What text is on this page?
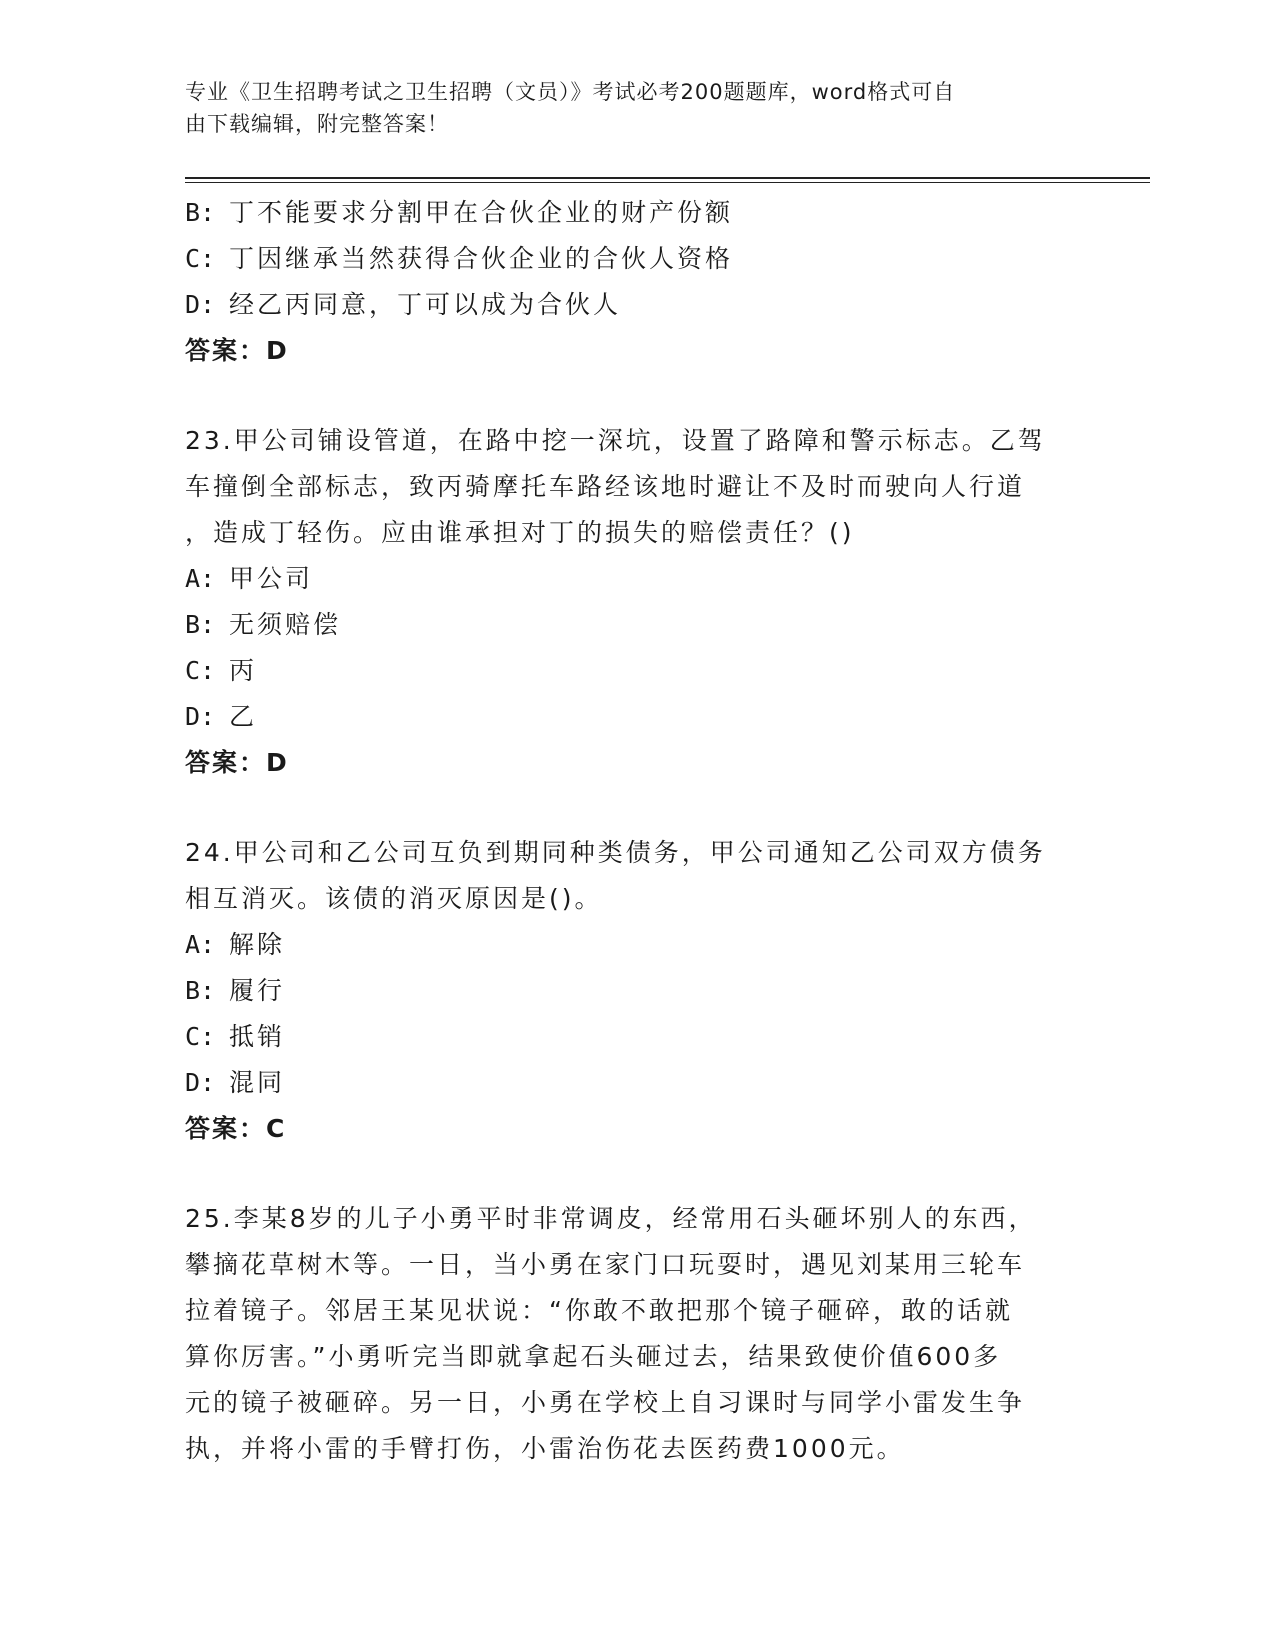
专业《卫生招聘考试之卫生招聘（文员）》考试必考200题题库，word格式可自
由下载编辑，附完整答案！
B: 丁不能要求分割甲在合伙企业的财产份额
C: 丁因继承当然获得合伙企业的合伙人资格
D: 经乙丙同意，丁可以成为合伙人
答案：D
23.甲公司铺设管道，在路中挖一深坑，设置了路障和警示标志。乙驾
车撞倒全部标志，致丙骑摩托车路经该地时避让不及时而驶向人行道
，造成丁轻伤。应由谁承担对丁的损失的赔偿责任？()
A: 甲公司
B: 无须赔偿
C: 丙
D: 乙
答案：D
24.甲公司和乙公司互负到期同种类债务，甲公司通知乙公司双方债务
相互消灭。该债的消灭原因是()。
A: 解除
B: 履行
C: 抵销
D: 混同
答案：C
25.李某8岁的儿子小勇平时非常调皮，经常用石头砸坏别人的东西，
攀摘花草树木等。一日，当小勇在家门口玩耍时，遇见刘某用三轮车
拉着镜子。邻居王某见状说：“你敢不敢把那个镜子砸碎，敢的话就
算你厉害。”小勇听完当即就拿起石头砸过去，结果致使价值600多
元的镜子被砸碎。另一日，小勇在学校上自习课时与同学小雷发生争
执，并将小雷的手臂打伤，小雷治伤花去医药费1000元。
